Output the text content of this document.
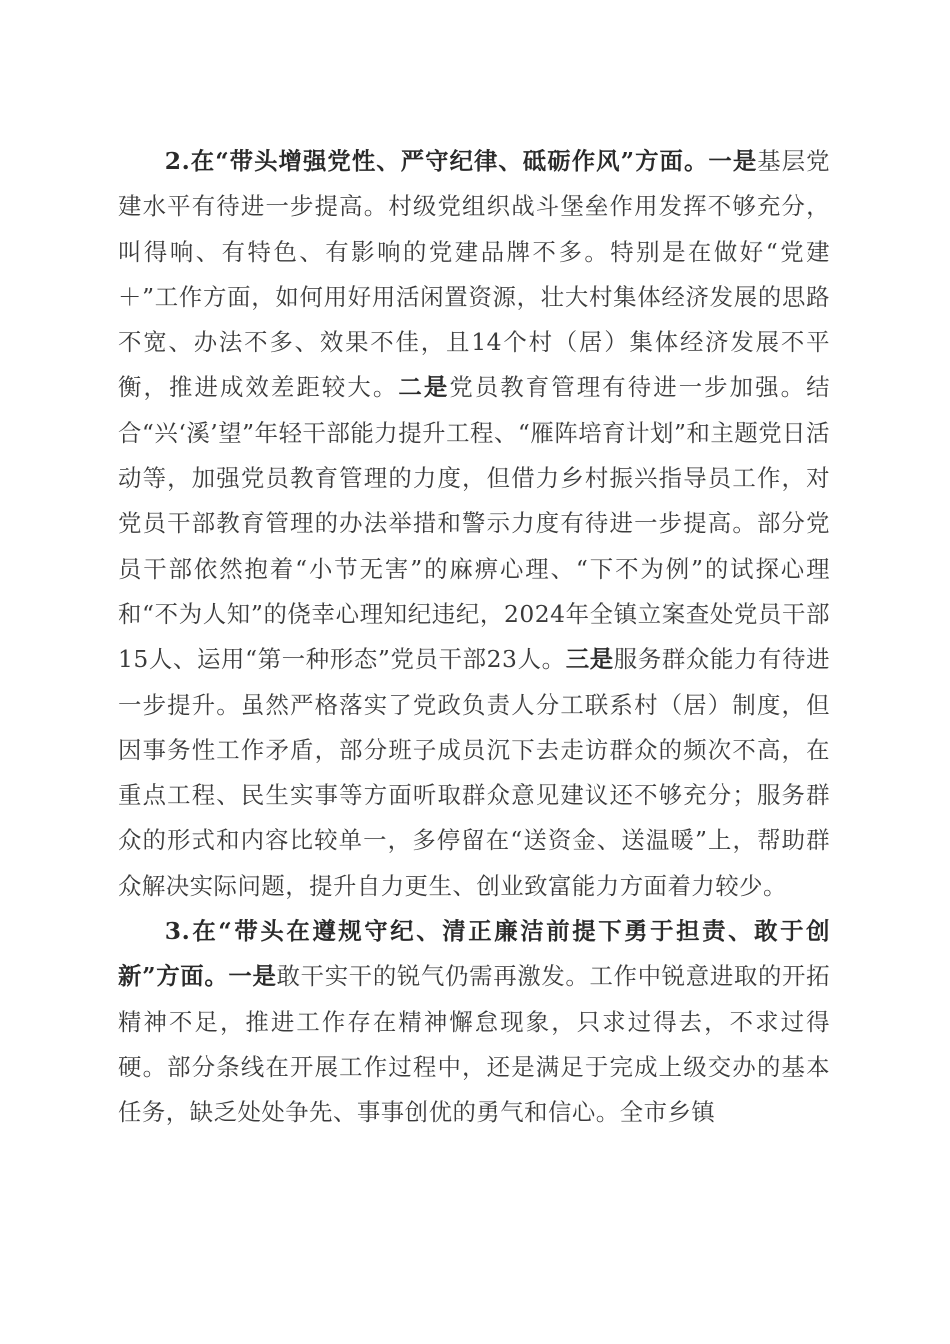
2.在“带头增强党性、严守纪律、砥砺作风”方面。一是基层党建水平有待进一步提高。村级党组织战斗堡垒作用发挥不够充分，叫得响、有特色、有影响的党建品牌不多。特别是在做好“党建＋”工作方面，如何用好用活闲置资源，壮大村集体经济发展的思路不宽、办法不多、效果不佳，且14个村（居）集体经济发展不平衡，推进成效差距较大。二是党员教育管理有待进一步加强。结合“兴‘溪’望”年轻干部能力提升工程、“雁阵培育计划”和主题党日活动等，加强党员教育管理的力度，但借力乡村振兴指导员工作，对党员干部教育管理的办法举措和警示力度有待进一步提高。部分党员干部依然抱着“小节无害”的麻痹心理、“下不为例”的试探心理和“不为人知”的侥幸心理知纪违纪，2024年全镇立案查处党员干部15人、运用“第一种形态”党员干部23人。三是服务群众能力有待进一步提升。虽然严格落实了党政负责人分工联系村（居）制度，但因事务性工作矛盾，部分班子成员沉下去走访群众的频次不高，在重点工程、民生实事等方面听取群众意见建议还不够充分；服务群众的形式和内容比较单一，多停留在“送资金、送温暖”上，帮助群众解决实际问题，提升自力更生、创业致富能力方面着力较少。

3.在“带头在遵规守纪、清正廉洁前提下勇于担责、敢于创新”方面。一是敢干实干的锐气仍需再激发。工作中锐意进取的开拓精神不足，推进工作存在精神懈怠现象，只求过得去，不求过得硬。部分条线在开展工作过程中，还是满足于完成上级交办的基本任务，缺乏处处争先、事事创优的勇气和信心。全市乡镇
